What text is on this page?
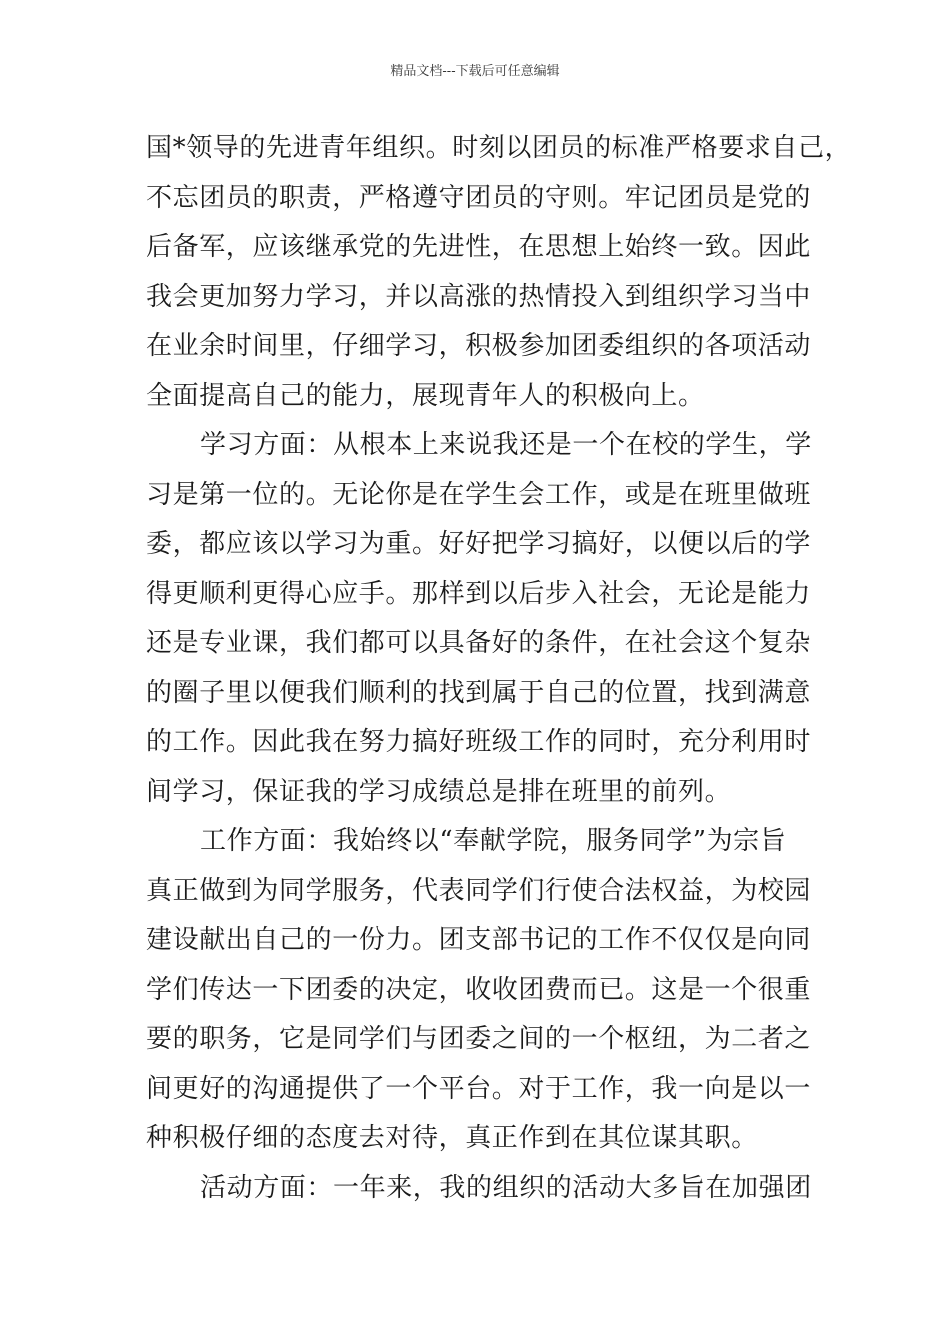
精品文档---下载后可任意编辑
国*领导的先进青年组织。时刻以团员的标准严格要求自己，
不忘团员的职责，严格遵守团员的守则。牢记团员是党的
后备军，应该继承党的先进性，在思想上始终一致。因此
我会更加努力学习，并以高涨的热情投入到组织学习当中
在业余时间里，仔细学习，积极参加团委组织的各项活动
全面提高自己的能力，展现青年人的积极向上。
学习方面：从根本上来说我还是一个在校的学生，学
习是第一位的。无论你是在学生会工作，或是在班里做班
委，都应该以学习为重。好好把学习搞好，以便以后的学
得更顺利更得心应手。那样到以后步入社会，无论是能力
还是专业课，我们都可以具备好的条件，在社会这个复杂
的圈子里以便我们顺利的找到属于自己的位置，找到满意
的工作。因此我在努力搞好班级工作的同时，充分利用时
间学习，保证我的学习成绩总是排在班里的前列。
工作方面：我始终以“奉献学院，服务同学”为宗旨
真正做到为同学服务，代表同学们行使合法权益，为校园
建设献出自己的一份力。团支部书记的工作不仅仅是向同
学们传达一下团委的决定，收收团费而已。这是一个很重
要的职务，它是同学们与团委之间的一个枢纽，为二者之
间更好的沟通提供了一个平台。对于工作，我一向是以一
种积极仔细的态度去对待，真正作到在其位谋其职。
活动方面：一年来，我的组织的活动大多旨在加强团
